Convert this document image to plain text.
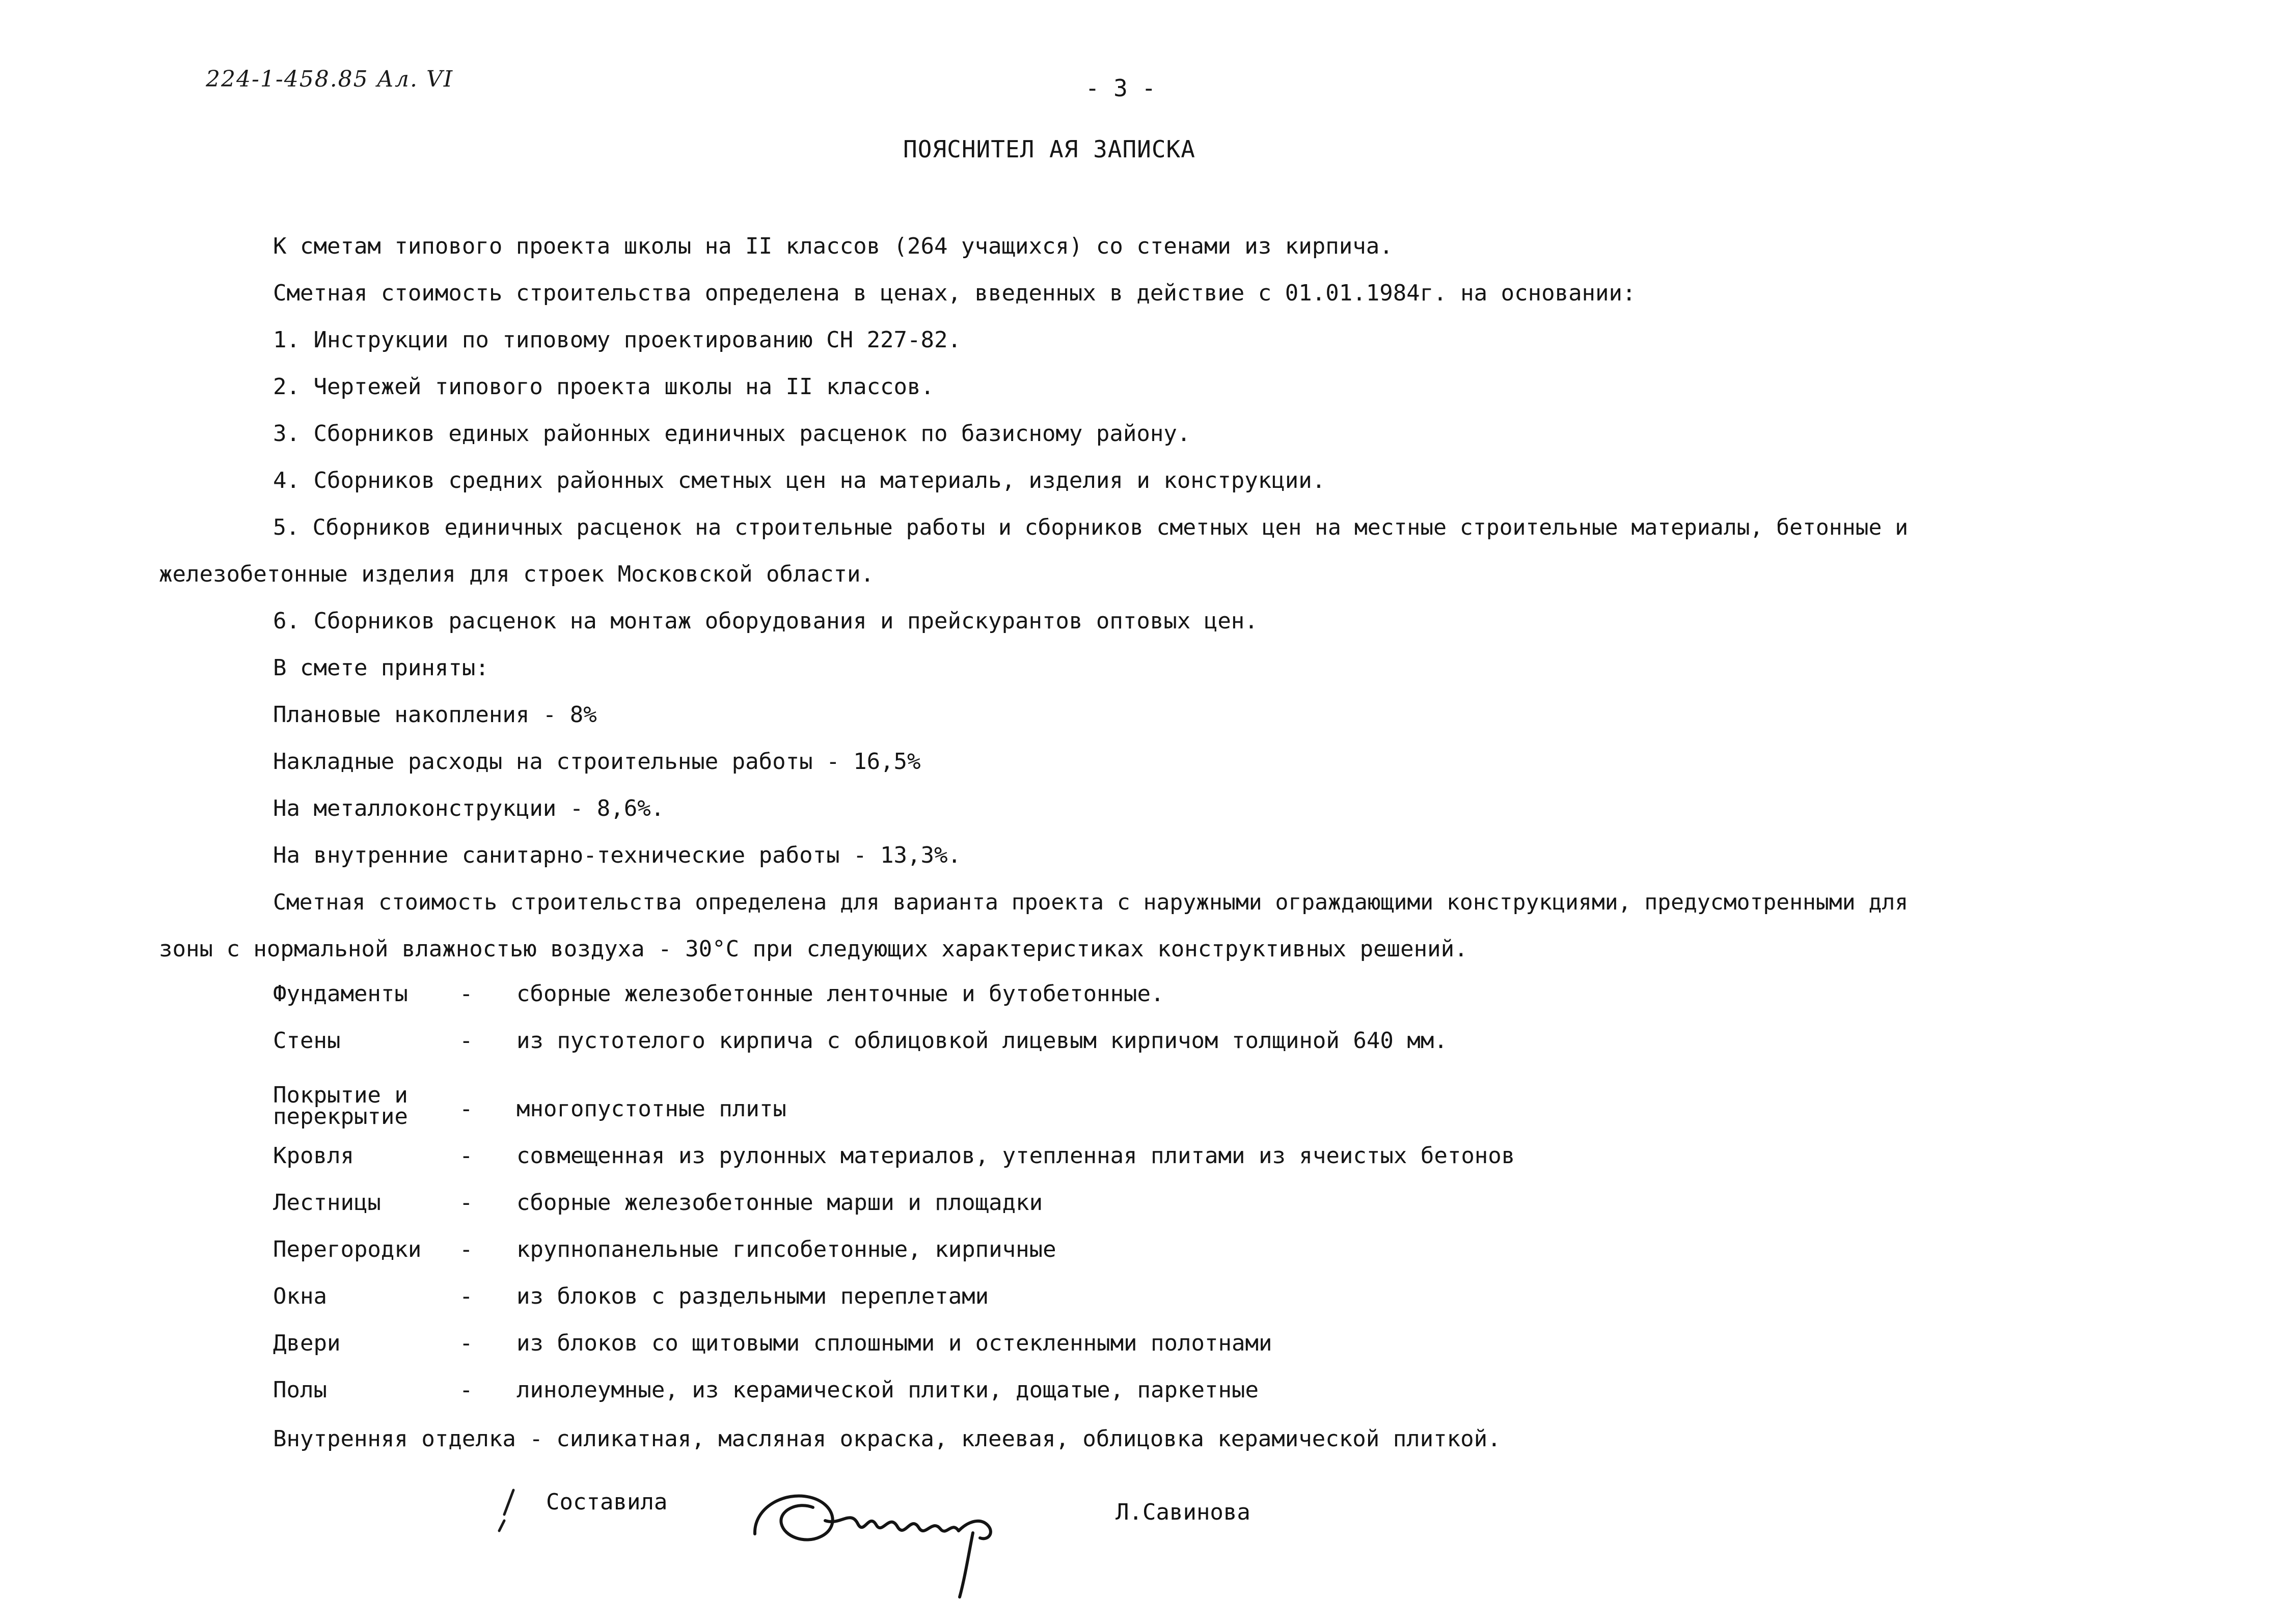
224-1-458.85 Ал. VI	- 3 -
ПОЯСНИТЕЛ АЯ ЗАПИСКА
К сметам типового проекта школы на II классов (264 учащихся) со стенами из кирпича.
Сметная стоимость строительства определена в ценах, введенных в действие с 01.01.1984г. на основании:
1. Инструкции по типовому проектированию СН 227-82.
2. Чертежей типового проекта школы на II классов.
3. Сборников единых районных единичных расценок по базисному району.
4. Сборников средних районных сметных цен на материаль, изделия и конструкции.
5. Сборников единичных расценок на строительные работы и сборников сметных цен на местные строительные материалы, бетонные и
железобетонные изделия для строек Московской области.
6. Сборников расценок на монтаж оборудования и прейскурантов оптовых цен.
В смете приняты:
Плановые накопления - 8%
Накладные расходы на строительные работы - 16,5%
На металлоконструкции - 8,6%.
На внутренние санитарно-технические работы - 13,3%.
Сметная стоимость строительства определена для варианта проекта с наружными ограждающими конструкциями, предусмотренными для
зоны с нормальной влажностью воздуха - 30°С при следующих характеристиках конструктивных решений.
Фундаменты	- сборные железобетонные ленточные и бутобетонные.
Стены	- из пустотелого кирпича с облицовкой лицевым кирпичом толщиной 640 мм.
Покрытие и перекрытие	- многопустотные плиты
Кровля	- совмещенная из рулонных материалов, утепленная плитами из ячеистых бетонов
Лестницы	- сборные железобетонные марши и площадки
Перегородки	- крупнопанельные гипсобетонные, кирпичные
Окна	- из блоков с раздельными переплетами
Двери	- из блоков со щитовыми сплошными и остекленными полотнами
Полы	- линолеумные, из керамической плитки, дощатые, паркетные
Внутренняя отделка - силикатная, масляная окраска, клеевая, облицовка керамической плиткой.
Составила	Л.Савинова
